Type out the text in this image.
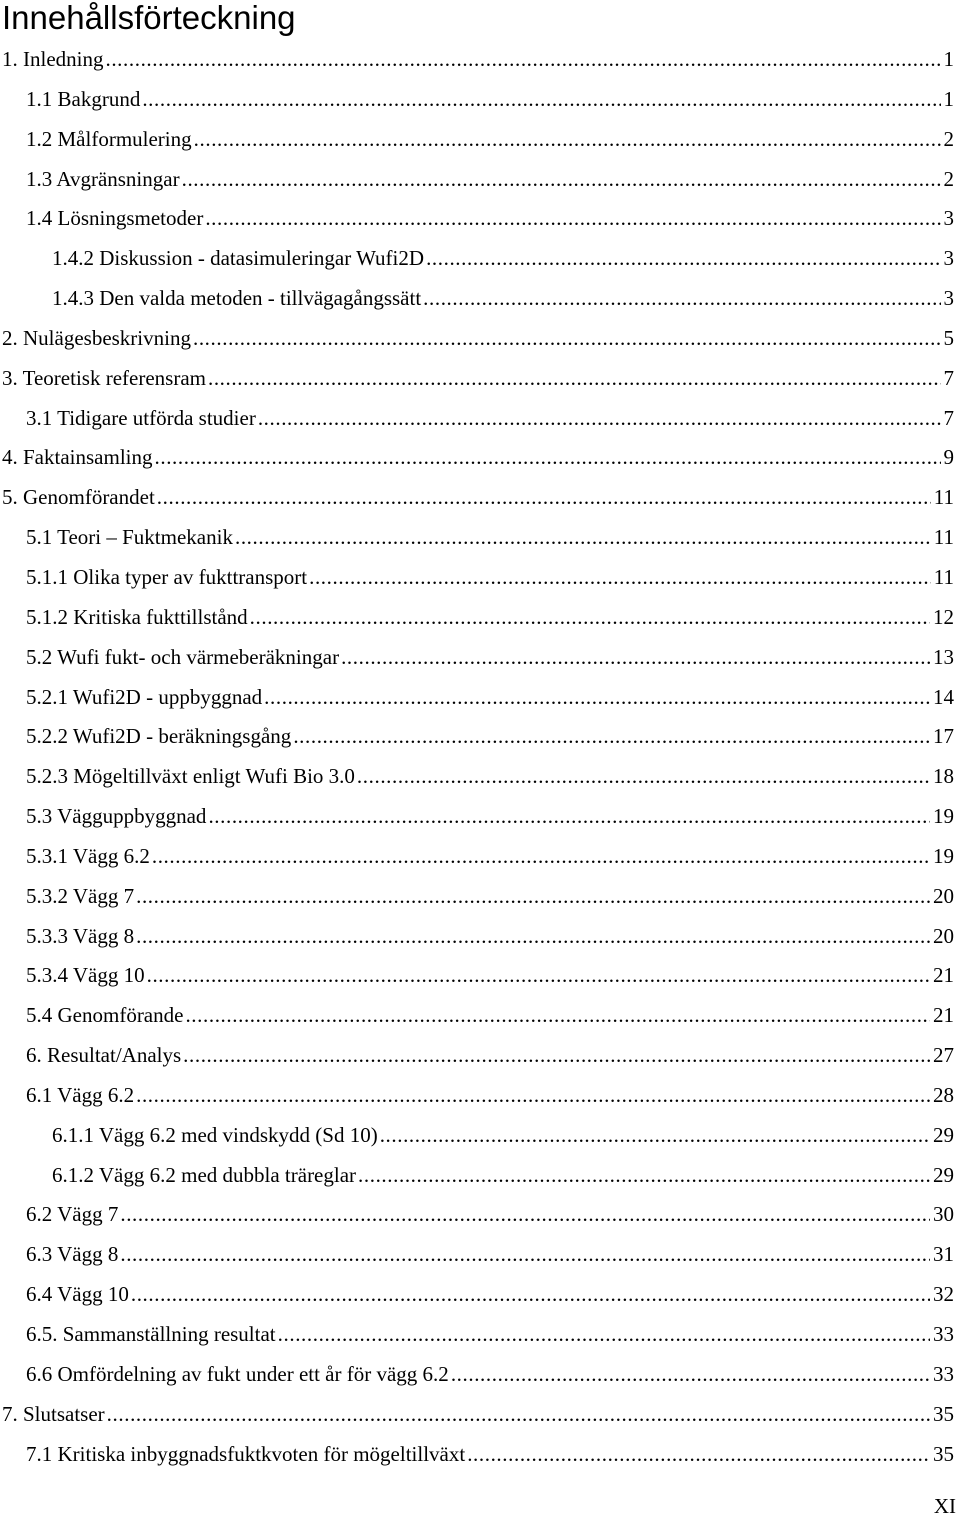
Innehållsförteckning
1. Inledning .....	1
1.1 Bakgrund .....	1
1.2 Målformulering .....	2
1.3 Avgränsningar .....	2
1.4 Lösningsmetoder .....	3
1.4.2 Diskussion - datasimuleringar Wufi2D .....	3
1.4.3 Den valda metoden - tillvägagångssätt .....	3
2. Nulägesbeskrivning .....	5
3. Teoretisk referensram .....	7
3.1 Tidigare utförda studier .....	7
4. Faktainsamling .....	9
5. Genomförandet .....	11
5.1 Teori – Fuktmekanik .....	11
5.1.1 Olika typer av fukttransport .....	11
5.1.2 Kritiska fukttillstånd .....	12
5.2 Wufi fukt- och värmeberäkningar .....	13
5.2.1 Wufi2D - uppbyggnad .....	14
5.2.2 Wufi2D - beräkningsgång .....	17
5.2.3 Mögeltillväxt enligt Wufi Bio 3.0 .....	18
5.3 Vägguppbyggnad .....	19
5.3.1 Vägg 6.2 .....	19
5.3.2 Vägg 7 .....	20
5.3.3 Vägg 8 .....	20
5.3.4 Vägg 10 .....	21
5.4 Genomförande .....	21
6. Resultat/Analys .....	27
6.1 Vägg 6.2 .....	28
6.1.1 Vägg 6.2 med vindskydd (Sd 10) .....	29
6.1.2 Vägg 6.2 med dubbla träreglar .....	29
6.2 Vägg 7 .....	30
6.3 Vägg 8 .....	31
6.4 Vägg 10 .....	32
6.5. Sammanställning resultat .....	33
6.6 Omfördelning av fukt under ett år för vägg 6.2 .....	33
7. Slutsatser .....	35
7.1 Kritiska inbyggnadsfuktkvoten för mögeltillväxt .....	35
XI
